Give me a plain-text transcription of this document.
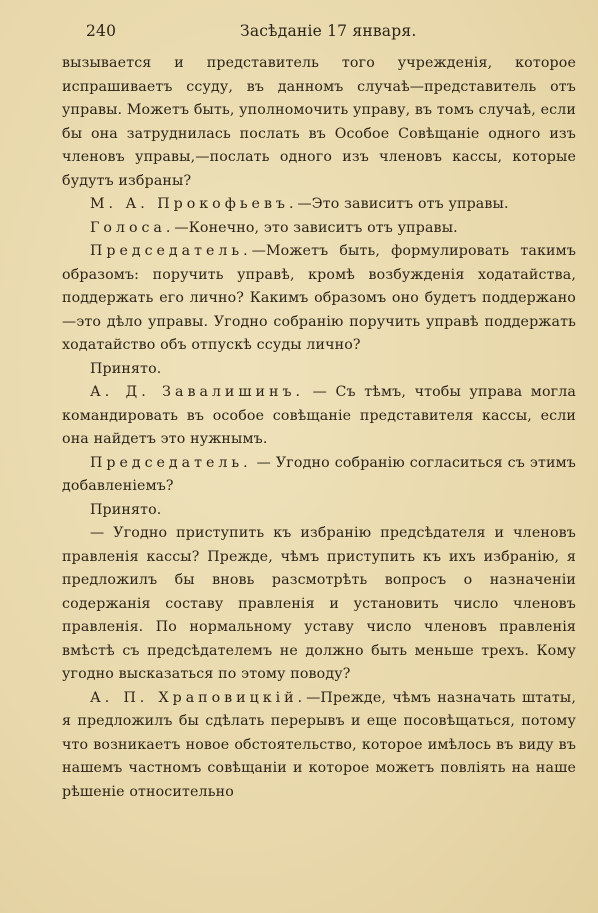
240	Засѣданіе 17 января.

вызывается и представитель того учрежденія, которое испрашиваетъ ссуду, въ данномъ случаѣ—представитель отъ управы. Можетъ быть, уполномочить управу, въ томъ случаѣ, если бы она затруднилась послать въ Особое Совѣщаніе одного изъ членовъ управы,—послать одного изъ членовъ кассы, которые будутъ избраны?

М. А. Прокофьевъ.—Это зависитъ отъ управы.

Голоса.—Конечно, это зависитъ отъ управы.

Председатель.—Можетъ быть, формулировать такимъ образомъ: поручить управѣ, кромѣ возбужденія ходатайства, поддержать его лично? Какимъ образомъ оно будетъ поддержано—это дѣло управы. Угодно собранію поручить управѣ поддержать ходатайство объ отпускѣ ссуды лично?

Принято.

А. Д. Завалишинъ. — Съ тѣмъ, чтобы управа могла командировать въ особое совѣщаніе представителя кассы, если она найдетъ это нужнымъ.

Председатель. — Угодно собранію согласиться съ этимъ добавленіемъ?

Принято.

— Угодно приступить къ избранію предсѣдателя и членовъ правленія кассы? Прежде, чѣмъ приступить къ ихъ избранію, я предложилъ бы вновь разсмотрѣть вопросъ о назначеніи содержанія составу правленія и установить число членовъ правленія. По нормальному уставу число членовъ правленія вмѣстѣ съ предсѣдателемъ не должно быть меньше трехъ. Кому угодно высказаться по этому поводу?

А. П. Храповицкій.—Прежде, чѣмъ назначать штаты, я предложилъ бы сдѣлать перерывъ и еще посовѣщаться, потому что возникаетъ новое обстоятельство, которое имѣлось въ виду въ нашемъ частномъ совѣщаніи и которое можетъ повліять на наше рѣшеніе относительно
